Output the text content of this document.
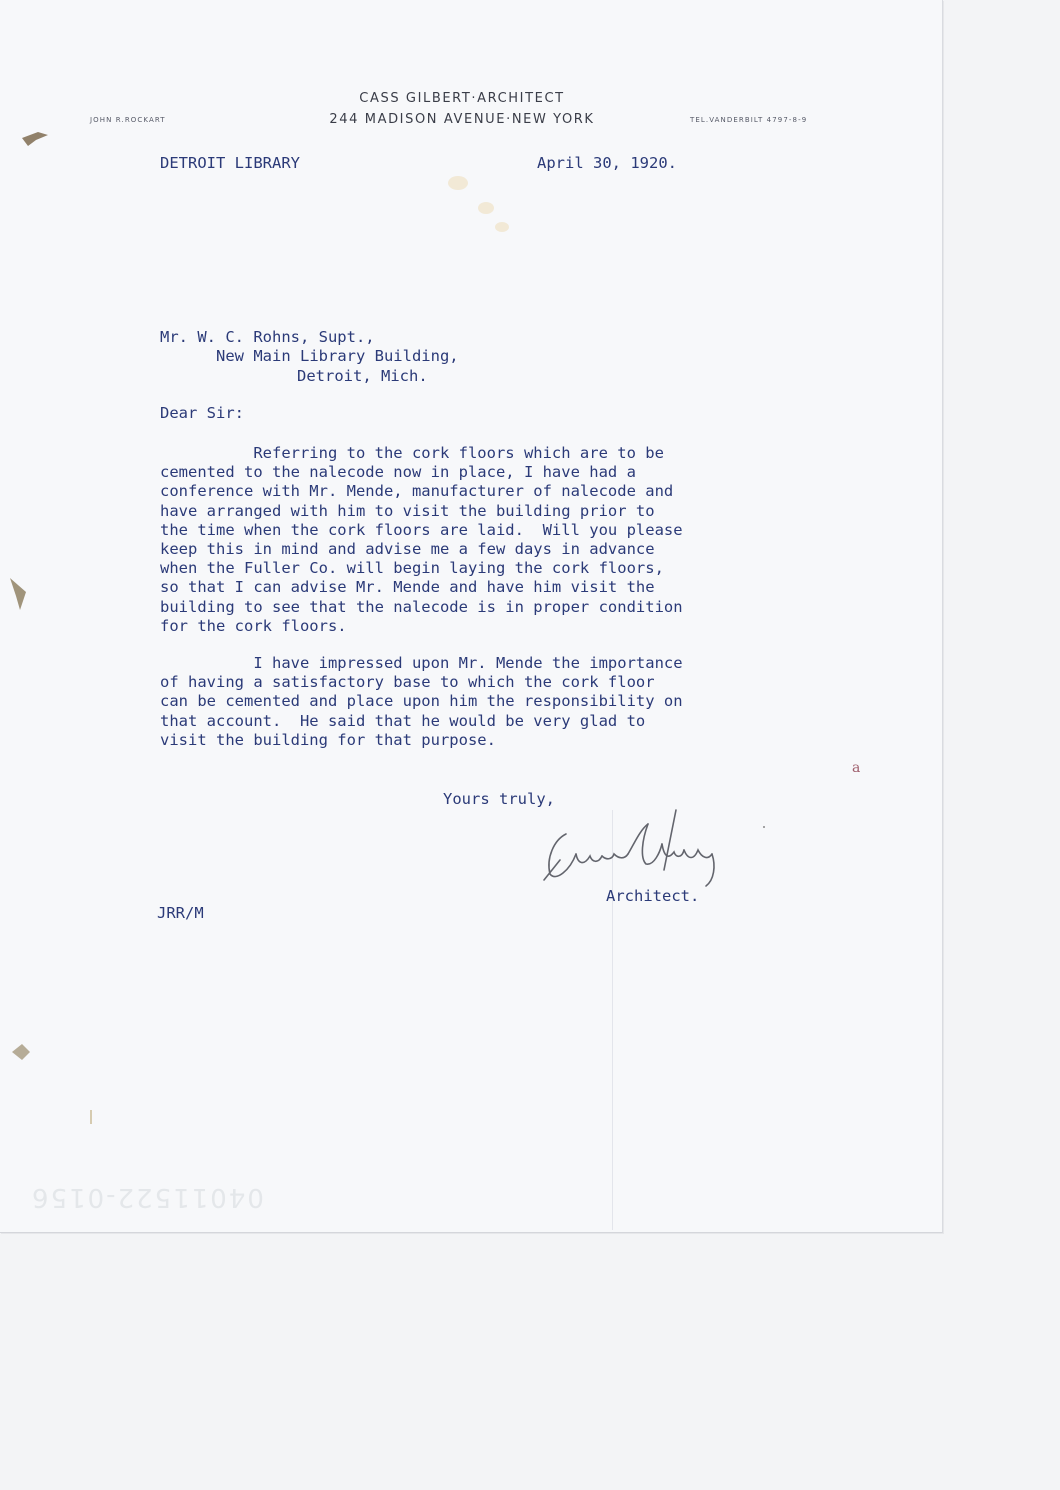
CASS GILBERT·ARCHITECT
244 MADISON AVENUE·NEW YORK
JOHN R.ROCKART	TEL.VANDERBILT 4797-8-9
DETROIT LIBRARY	April 30, 1920.
Mr. W. C. Rohns, Supt.,
New Main Library Building,
Detroit, Mich.
Dear Sir:
Referring to the cork floors which are to be
cemented to the nalecode now in place, I have had a
conference with Mr. Mende, manufacturer of nalecode and
have arranged with him to visit the building prior to
the time when the cork floors are laid.  Will you please
keep this in mind and advise me a few days in advance
when the Fuller Co. will begin laying the cork floors,
so that I can advise Mr. Mende and have him visit the
building to see that the nalecode is in proper condition
for the cork floors.
I have impressed upon Mr. Mende the importance
of having a satisfactory base to which the cork floor
can be cemented and place upon him the responsibility on
that account.  He said that he would be very glad to
visit the building for that purpose.
Yours truly,
Architect.
JRR/M
a
04011522-0156
